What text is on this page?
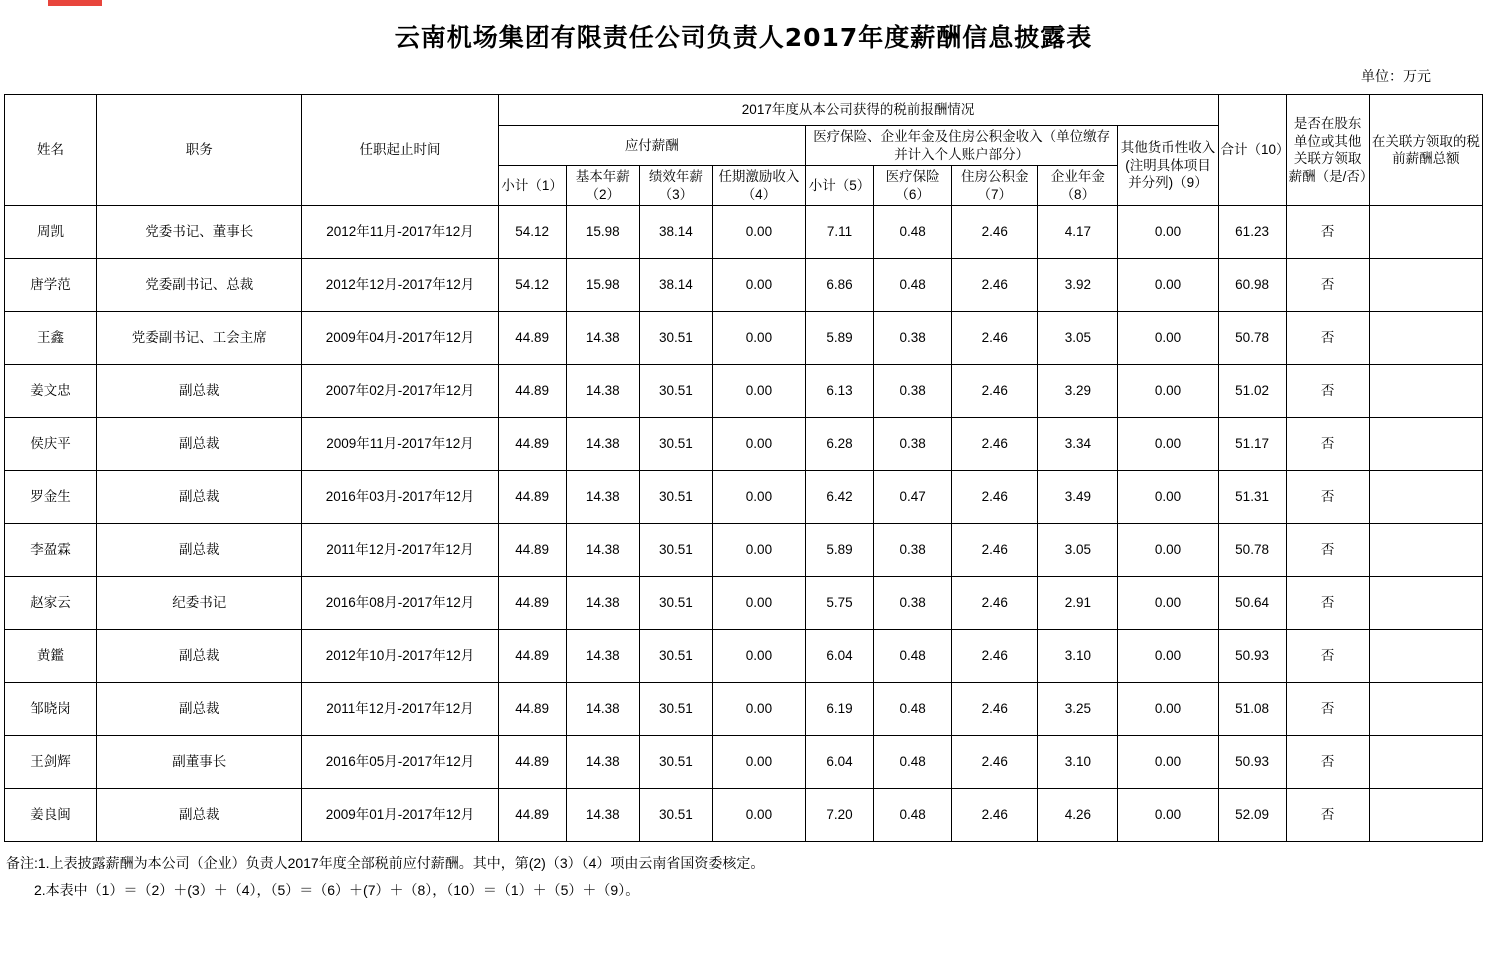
云南机场集团有限责任公司负责人2017年度薪酬信息披露表
单位：万元
姓名	职务	任职起止时间	2017年度从本公司获得的税前报酬情况									合计（10）	是否在股东单位或其他关联方领取薪酬（是/否）	在关联方领取的税前薪酬总额
			应付薪酬				医疗保险、企业年金及住房公积金收入（单位缴存并计入个人账户部分）				其他货币性收入(注明具体项目并分列)（9）			
			小计（1）	基本年薪（2）	绩效年薪（3）	任期激励收入（4）	小计（5）	医疗保险（6）	住房公积金（7）	企业年金（8）				
周凯	党委书记、董事长	2012年11月-2017年12月	54.12	15.98	38.14	0.00	7.11	0.48	2.46	4.17	0.00	61.23	否	
唐学范	党委副书记、总裁	2012年12月-2017年12月	54.12	15.98	38.14	0.00	6.86	0.48	2.46	3.92	0.00	60.98	否	
王鑫	党委副书记、工会主席	2009年04月-2017年12月	44.89	14.38	30.51	0.00	5.89	0.38	2.46	3.05	0.00	50.78	否	
姜文忠	副总裁	2007年02月-2017年12月	44.89	14.38	30.51	0.00	6.13	0.38	2.46	3.29	0.00	51.02	否	
侯庆平	副总裁	2009年11月-2017年12月	44.89	14.38	30.51	0.00	6.28	0.38	2.46	3.34	0.00	51.17	否	
罗金生	副总裁	2016年03月-2017年12月	44.89	14.38	30.51	0.00	6.42	0.47	2.46	3.49	0.00	51.31	否	
李盈霖	副总裁	2011年12月-2017年12月	44.89	14.38	30.51	0.00	5.89	0.38	2.46	3.05	0.00	50.78	否	
赵家云	纪委书记	2016年08月-2017年12月	44.89	14.38	30.51	0.00	5.75	0.38	2.46	2.91	0.00	50.64	否	
黄鑑	副总裁	2012年10月-2017年12月	44.89	14.38	30.51	0.00	6.04	0.48	2.46	3.10	0.00	50.93	否	
邹晓岗	副总裁	2011年12月-2017年12月	44.89	14.38	30.51	0.00	6.19	0.48	2.46	3.25	0.00	51.08	否	
王剑辉	副董事长	2016年05月-2017年12月	44.89	14.38	30.51	0.00	6.04	0.48	2.46	3.10	0.00	50.93	否	
姜良闽	副总裁	2009年01月-2017年12月	44.89	14.38	30.51	0.00	7.20	0.48	2.46	4.26	0.00	52.09	否	
备注:1.上表披露薪酬为本公司（企业）负责人2017年度全部税前应付薪酬。其中，第(2)（3）（4）项由云南省国资委核定。
2.本表中（1）＝（2）＋(3）＋（4），（5）＝（6）＋(7）＋（8），（10）＝（1）＋（5）＋（9）。
